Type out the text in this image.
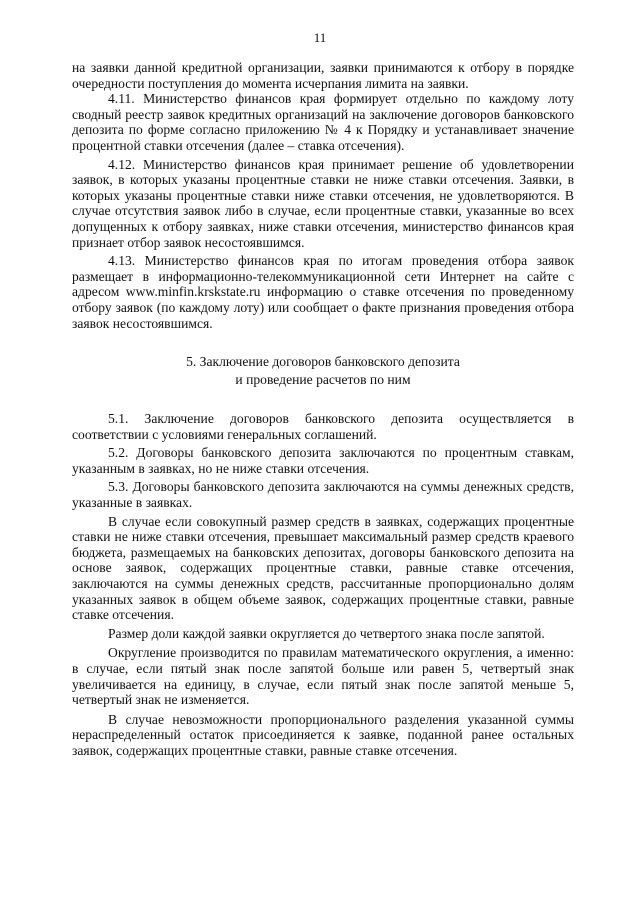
11

на заявки данной кредитной организации, заявки принимаются к отбору в порядке очередности поступления до момента исчерпания лимита на заявки.

4.11. Министерство финансов края формирует отдельно по каждому лоту сводный реестр заявок кредитных организаций на заключение договоров банковского депозита по форме согласно приложению № 4 к Порядку и устанавливает значение процентной ставки отсечения (далее – ставка отсечения).

4.12. Министерство финансов края принимает решение об удовлетворении заявок, в которых указаны процентные ставки не ниже ставки отсечения. Заявки, в которых указаны процентные ставки ниже ставки отсечения, не удовлетворяются. В случае отсутствия заявок либо в случае, если процентные ставки, указанные во всех допущенных к отбору заявках, ниже ставки отсечения, министерство финансов края признает отбор заявок несостоявшимся.

4.13. Министерство финансов края по итогам проведения отбора заявок размещает в информационно-телекоммуникационной сети Интернет на сайте с адресом www.minfin.krskstate.ru информацию о ставке отсечения по проведенному отбору заявок (по каждому лоту) или сообщает о факте признания проведения отбора заявок несостоявшимся.

5. Заключение договоров банковского депозита
и проведение расчетов по ним

5.1. Заключение договоров банковского депозита осуществляется в соответствии с условиями генеральных соглашений.

5.2. Договоры банковского депозита заключаются по процентным ставкам, указанным в заявках, но не ниже ставки отсечения.

5.3. Договоры банковского депозита заключаются на суммы денежных средств, указанные в заявках.

В случае если совокупный размер средств в заявках, содержащих процентные ставки не ниже ставки отсечения, превышает максимальный размер средств краевого бюджета, размещаемых на банковских депозитах, договоры банковского депозита на основе заявок, содержащих процентные ставки, равные ставке отсечения, заключаются на суммы денежных средств, рассчитанные пропорционально долям указанных заявок в общем объеме заявок, содержащих процентные ставки, равные ставке отсечения.

Размер доли каждой заявки округляется до четвертого знака после запятой.

Округление производится по правилам математического округления, а именно: в случае, если пятый знак после запятой больше или равен 5, четвертый знак увеличивается на единицу, в случае, если пятый знак после запятой меньше 5, четвертый знак не изменяется.

В случае невозможности пропорционального разделения указанной суммы нераспределенный остаток присоединяется к заявке, поданной ранее остальных заявок, содержащих процентные ставки, равные ставке отсечения.
